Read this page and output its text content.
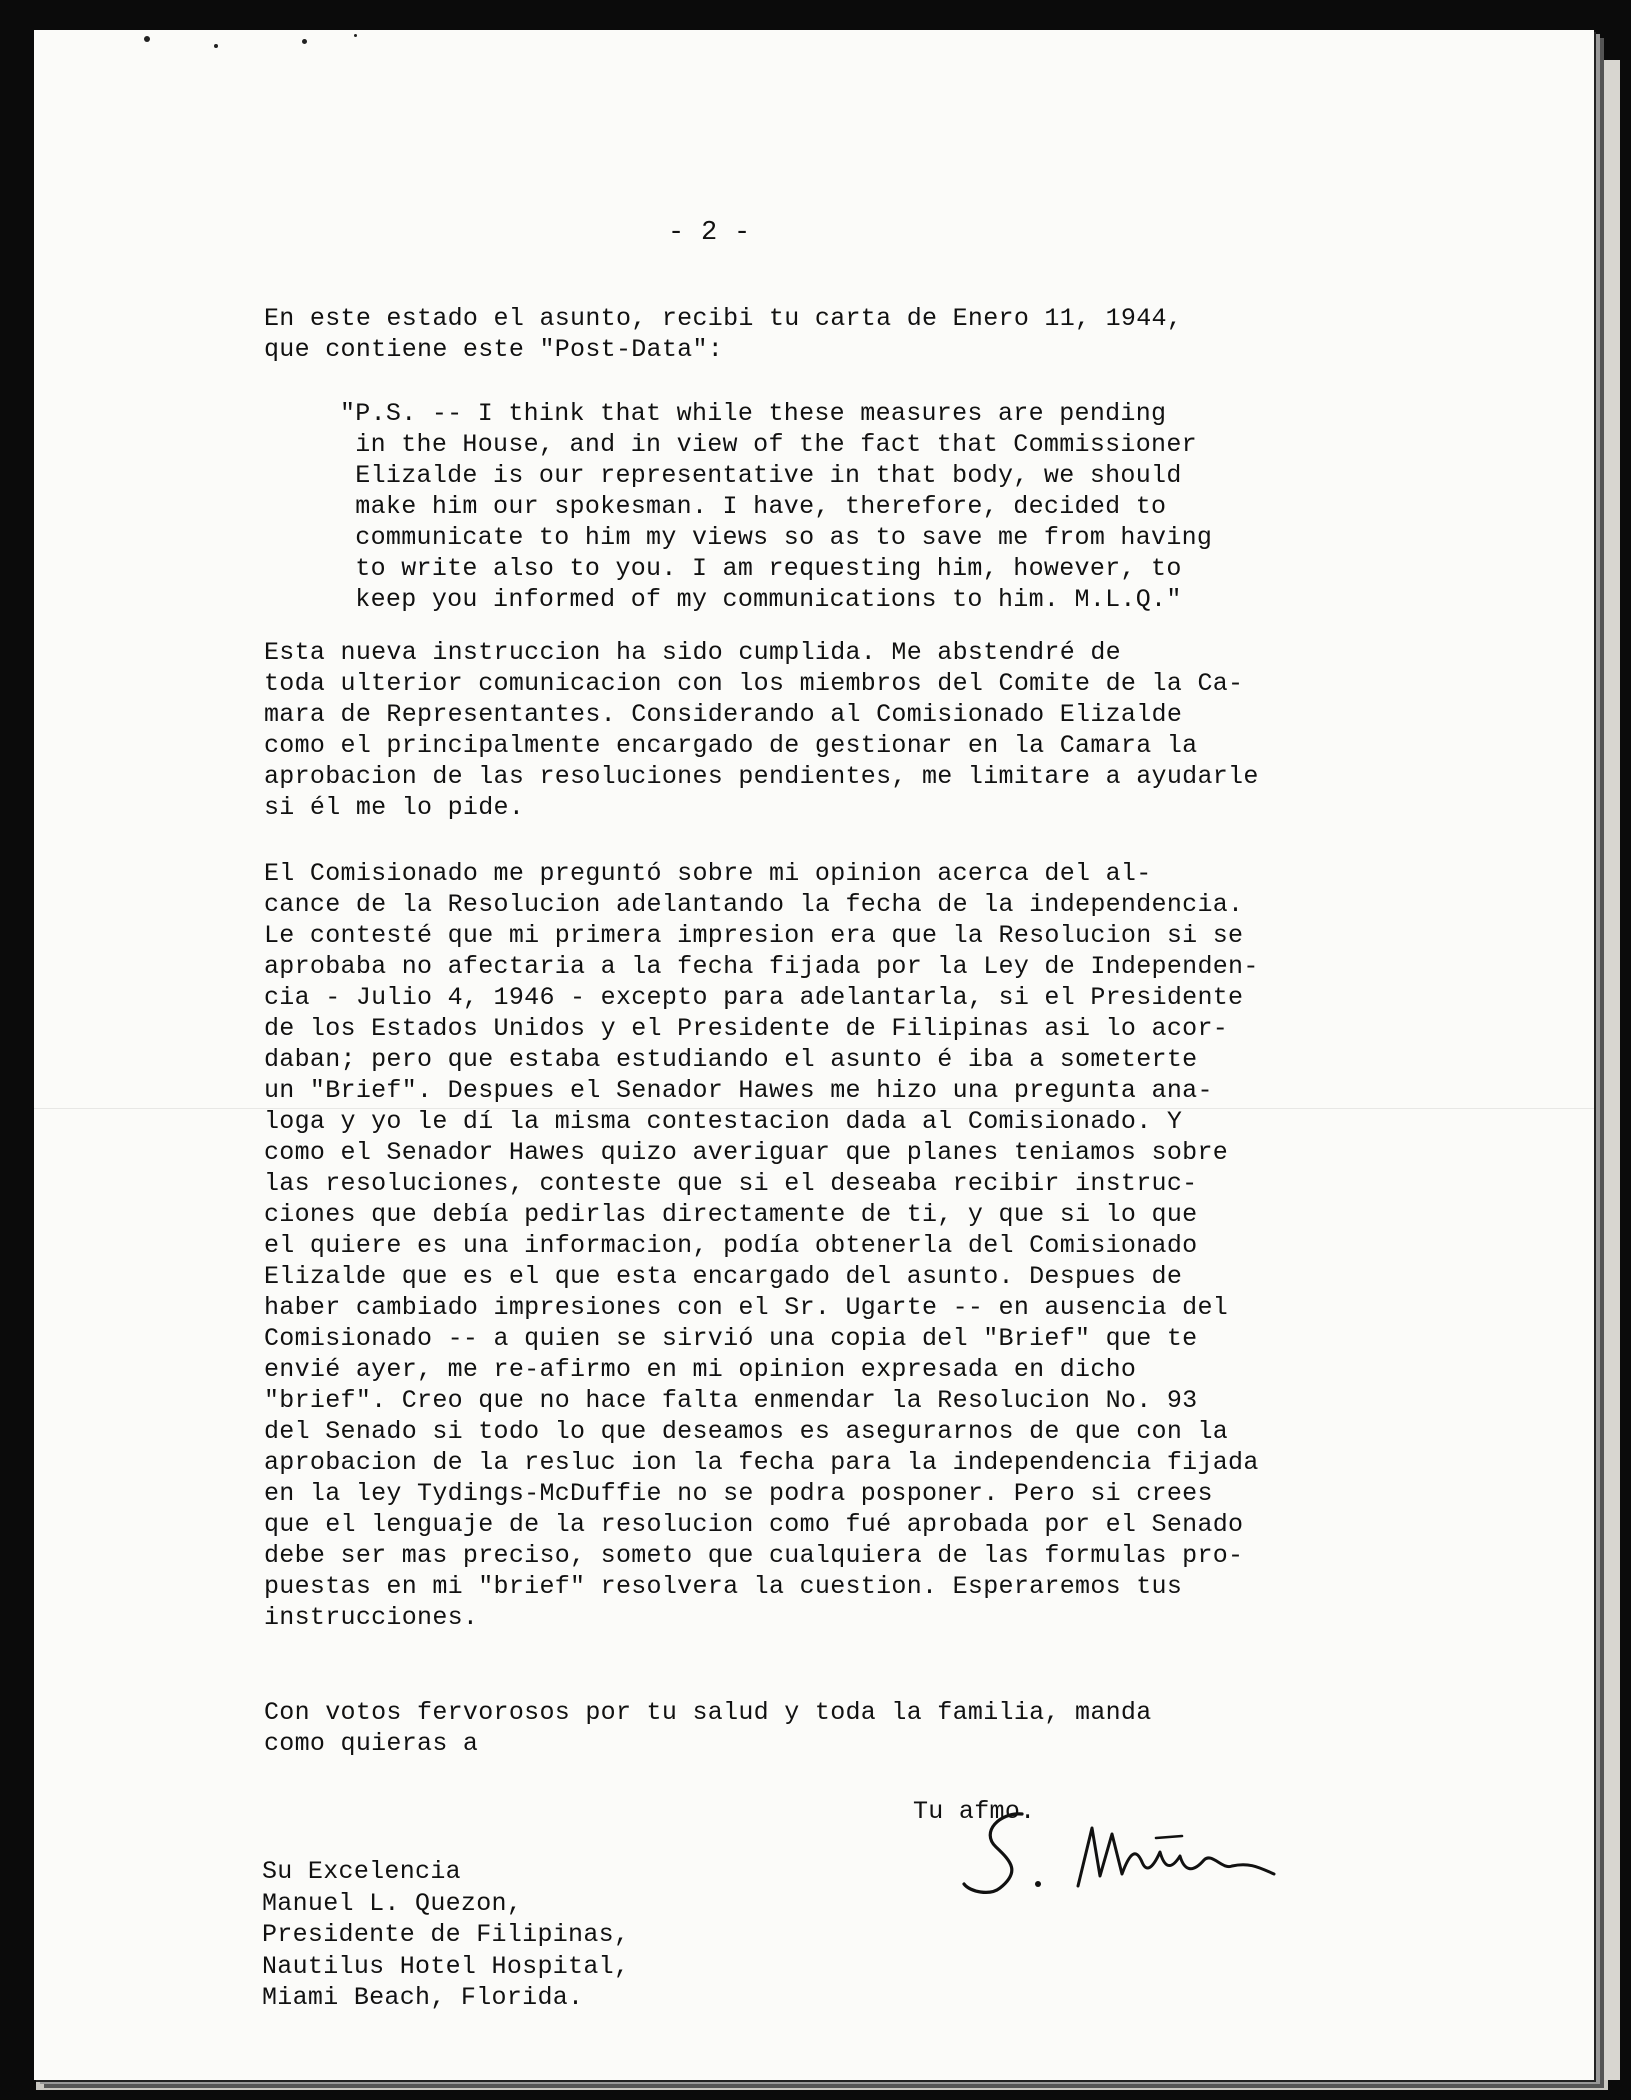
- 2 -
En este estado el asunto, recibi tu carta de Enero 11, 1944,
que contiene este "Post-Data":
"P.S. -- I think that while these measures are pending
in the House, and in view of the fact that Commissioner
Elizalde is our representative in that body, we should
make him our spokesman. I have, therefore, decided to
communicate to him my views so as to save me from having
to write also to you. I am requesting him, however, to
keep you informed of my communications to him. M.L.Q."
Esta nueva instruccion ha sido cumplida. Me abstendré de
toda ulterior comunicacion con los miembros del Comite de la Ca-
mara de Representantes. Considerando al Comisionado Elizalde
como el principalmente encargado de gestionar en la Camara la
aprobacion de las resoluciones pendientes, me limitare a ayudarle
si él me lo pide.
El Comisionado me preguntó sobre mi opinion acerca del al-
cance de la Resolucion adelantando la fecha de la independencia.
Le contesté que mi primera impresion era que la Resolucion si se
aprobaba no afectaria a la fecha fijada por la Ley de Independen-
cia - Julio 4, 1946 - excepto para adelantarla, si el Presidente
de los Estados Unidos y el Presidente de Filipinas asi lo acor-
daban; pero que estaba estudiando el asunto é iba a someterte
un "Brief". Despues el Senador Hawes me hizo una pregunta ana-
loga y yo le dí la misma contestacion dada al Comisionado. Y
como el Senador Hawes quizo averiguar que planes teniamos sobre
las resoluciones, conteste que si el deseaba recibir instruc-
ciones que debía pedirlas directamente de ti, y que si lo que
el quiere es una informacion, podía obtenerla del Comisionado
Elizalde que es el que esta encargado del asunto. Despues de
haber cambiado impresiones con el Sr. Ugarte -- en ausencia del
Comisionado -- a quien se sirvió una copia del "Brief" que te
envié ayer, me re-afirmo en mi opinion expresada en dicho
"brief". Creo que no hace falta enmendar la Resolucion No. 93
del Senado si todo lo que deseamos es asegurarnos de que con la
aprobacion de la resluc ion la fecha para la independencia fijada
en la ley Tydings-McDuffie no se podra posponer. Pero si crees
que el lenguaje de la resolucion como fué aprobada por el Senado
debe ser mas preciso, someto que cualquiera de las formulas pro-
puestas en mi "brief" resolvera la cuestion. Esperaremos tus
instrucciones.
Con votos fervorosos por tu salud y toda la familia, manda
como quieras a
Tu afmo.
Su Excelencia
Manuel L. Quezon,
Presidente de Filipinas,
Nautilus Hotel Hospital,
Miami Beach, Florida.
